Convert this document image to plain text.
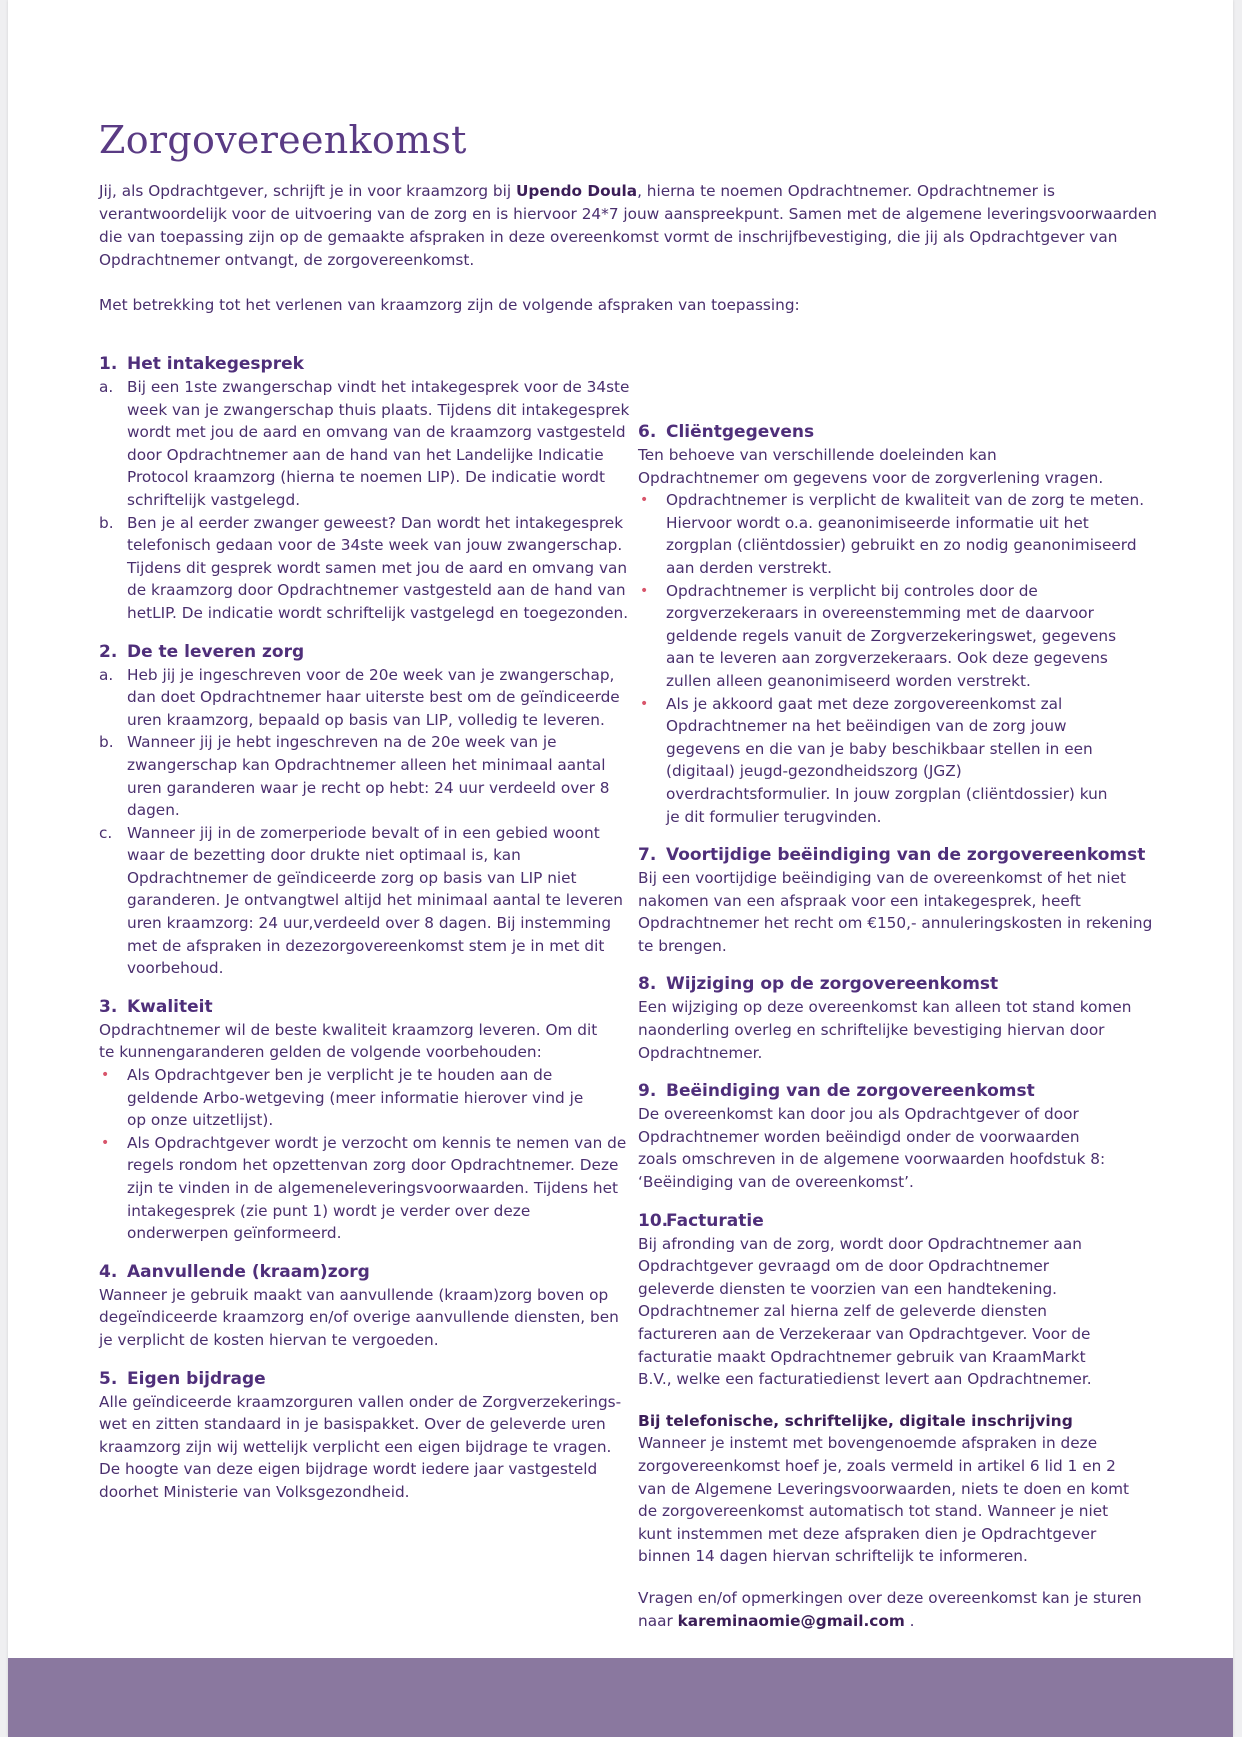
Zorgovereenkomst
Jij, als Opdrachtgever, schrijft je in voor kraamzorg bij Upendo Doula, hierna te noemen Opdrachtnemer. Opdrachtnemer is
verantwoordelijk voor de uitvoering van de zorg en is hiervoor 24*7 jouw aanspreekpunt. Samen met de algemene leveringsvoorwaarden
die van toepassing zijn op de gemaakte afspraken in deze overeenkomst vormt de inschrijfbevestiging, die jij als Opdrachtgever van
Opdrachtnemer ontvangt, de zorgovereenkomst.
Met betrekking tot het verlenen van kraamzorg zijn de volgende afspraken van toepassing:
1. Het intakegesprek
a. Bij een 1ste zwangerschap vindt het intakegesprek voor de 34ste
week van je zwangerschap thuis plaats. Tijdens dit intakegesprek
wordt met jou de aard en omvang van de kraamzorg vastgesteld
door Opdrachtnemer aan de hand van het Landelijke Indicatie
Protocol kraamzorg (hierna te noemen LIP). De indicatie wordt
schriftelijk vastgelegd.
b. Ben je al eerder zwanger geweest? Dan wordt het intakegesprek
telefonisch gedaan voor de 34ste week van jouw zwangerschap.
Tijdens dit gesprek wordt samen met jou de aard en omvang van
de kraamzorg door Opdrachtnemer vastgesteld aan de hand van
hetLIP. De indicatie wordt schriftelijk vastgelegd en toegezonden.
2. De te leveren zorg
a. Heb jij je ingeschreven voor de 20e week van je zwangerschap,
dan doet Opdrachtnemer haar uiterste best om de geïndiceerde
uren kraamzorg, bepaald op basis van LIP, volledig te leveren.
b. Wanneer jij je hebt ingeschreven na de 20e week van je
zwangerschap kan Opdrachtnemer alleen het minimaal aantal
uren garanderen waar je recht op hebt: 24 uur verdeeld over 8
dagen.
c. Wanneer jij in de zomerperiode bevalt of in een gebied woont
waar de bezetting door drukte niet optimaal is, kan
Opdrachtnemer de geïndiceerde zorg op basis van LIP niet
garanderen. Je ontvangtwel altijd het minimaal aantal te leveren
uren kraamzorg: 24 uur,verdeeld over 8 dagen. Bij instemming
met de afspraken in dezezorgovereenkomst stem je in met dit
voorbehoud.
3. Kwaliteit
Opdrachtnemer wil de beste kwaliteit kraamzorg leveren. Om dit
te kunnengaranderen gelden de volgende voorbehouden:
•	Als Opdrachtgever ben je verplicht je te houden aan de
geldende Arbo-wetgeving (meer informatie hierover vind je
op onze uitzetlijst).
•	Als Opdrachtgever wordt je verzocht om kennis te nemen van de
regels rondom het opzettenvan zorg door Opdrachtnemer. Deze
zijn te vinden in de algemeneleveringsvoorwaarden. Tijdens het
intakegesprek (zie punt 1) wordt je verder over deze
onderwerpen geïnformeerd.
4. Aanvullende (kraam)zorg
Wanneer je gebruik maakt van aanvullende (kraam)zorg boven op
degeïndiceerde kraamzorg en/of overige aanvullende diensten, ben
je verplicht de kosten hiervan te vergoeden.
5. Eigen bijdrage
Alle geïndiceerde kraamzorguren vallen onder de Zorgverzekerings-
wet en zitten standaard in je basispakket. Over de geleverde uren
kraamzorg zijn wij wettelijk verplicht een eigen bijdrage te vragen.
De hoogte van deze eigen bijdrage wordt iedere jaar vastgesteld
doorhet Ministerie van Volksgezondheid.
6. Cliëntgegevens
Ten behoeve van verschillende doeleinden kan
Opdrachtnemer om gegevens voor de zorgverlening vragen.
•	Opdrachtnemer is verplicht de kwaliteit van de zorg te meten.
Hiervoor wordt o.a. geanonimiseerde informatie uit het
zorgplan (cliëntdossier) gebruikt en zo nodig geanonimiseerd
aan derden verstrekt.
•	Opdrachtnemer is verplicht bij controles door de
zorgverzekeraars in overeenstemming met de daarvoor
geldende regels vanuit de Zorgverzekeringswet, gegevens
aan te leveren aan zorgverzekeraars. Ook deze gegevens
zullen alleen geanonimiseerd worden verstrekt.
•	Als je akkoord gaat met deze zorgovereenkomst zal
Opdrachtnemer na het beëindigen van de zorg jouw
gegevens en die van je baby beschikbaar stellen in een
(digitaal) jeugd-gezondheidszorg (JGZ)
overdrachtsformulier. In jouw zorgplan (cliëntdossier) kun
je dit formulier terugvinden.
7. Voortijdige beëindiging van de zorgovereenkomst
Bij een voortijdige beëindiging van de overeenkomst of het niet
nakomen van een afspraak voor een intakegesprek, heeft
Opdrachtnemer het recht om €150,- annuleringskosten in rekening
te brengen.
8. Wijziging op de zorgovereenkomst
Een wijziging op deze overeenkomst kan alleen tot stand komen
naonderling overleg en schriftelijke bevestiging hiervan door
Opdrachtnemer.
9. Beëindiging van de zorgovereenkomst
De overeenkomst kan door jou als Opdrachtgever of door
Opdrachtnemer worden beëindigd onder de voorwaarden
zoals omschreven in de algemene voorwaarden hoofdstuk 8:
‘Beëindiging van de overeenkomst’.
10.Facturatie
Bij afronding van de zorg, wordt door Opdrachtnemer aan
Opdrachtgever gevraagd om de door Opdrachtnemer
geleverde diensten te voorzien van een handtekening.
Opdrachtnemer zal hierna zelf de geleverde diensten
factureren aan de Verzekeraar van Opdrachtgever. Voor de
facturatie maakt Opdrachtnemer gebruik van KraamMarkt
B.V., welke een facturatiedienst levert aan Opdrachtnemer.
Bij telefonische, schriftelijke, digitale inschrijving
Wanneer je instemt met bovengenoemde afspraken in deze
zorgovereenkomst hoef je, zoals vermeld in artikel 6 lid 1 en 2
van de Algemene Leveringsvoorwaarden, niets te doen en komt
de zorgovereenkomst automatisch tot stand. Wanneer je niet
kunt instemmen met deze afspraken dien je Opdrachtgever
binnen 14 dagen hiervan schriftelijk te informeren.
Vragen en/of opmerkingen over deze overeenkomst kan je sturen
naar kareminaomie@gmail.com .
